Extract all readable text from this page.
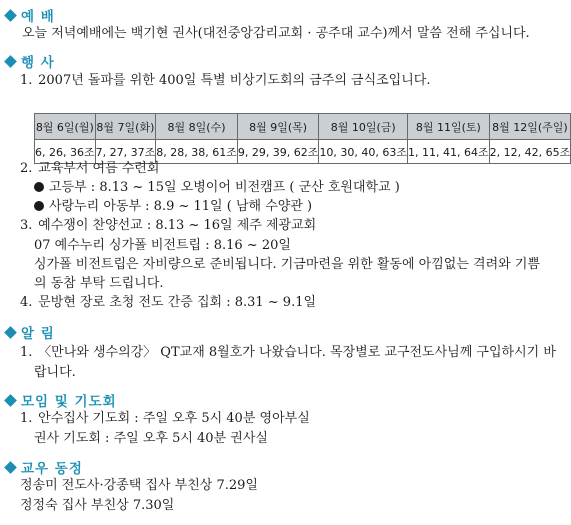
예 배
오늘 저녁예배에는 백기현 권사(대전중앙감리교회 · 공주대 교수)께서 말씀 전해 주십니다.
행 사
1. 2007년 돌파를 위한 400일 특별 비상기도회의 금주의 금식조입니다.
8월 6일(월)	8월 7일(화)	8월 8일(수)	8월 9일(목)	8월 10일(금)	8월 11일(토)	8월 12일(주일)
6, 26, 36조	7, 27, 37조	8, 28, 38, 61조	9, 29, 39, 62조	10, 30, 40, 63조	1, 11, 41, 64조	2, 12, 42, 65조
2. 교육부서 여름 수련회
고등부 : 8.13 ~ 15일 오병이어 비전캠프 ( 군산 호원대학교 )
사랑누리 아동부 : 8.9 ~ 11일 ( 남해 수양관 )
3. 예수쟁이 찬양선교 : 8.13 ~ 16일 제주 제광교회
07 예수누리 싱가폴 비전트립 : 8.16 ~ 20일
싱가폴 비전트립은 자비량으로 준비됩니다. 기금마련을 위한 활동에 아낌없는 격려와 기쁨
의 동참 부탁 드립니다.
4. 문방현 장로 초청 전도 간증 집회 : 8.31 ~ 9.1일
알 림
1. 〈만나와 생수의강〉 QT교재 8월호가 나왔습니다. 목장별로 교구전도사님께 구입하시기 바
랍니다.
모임 및 기도회
1. 안수집사 기도회 : 주일 오후 5시 40분 영아부실
권사 기도회 : 주일 오후 5시 40분 권사실
교우 동정
정송미 전도사·강종택 집사 부친상 7.29일
정정숙 집사 부친상 7.30일
